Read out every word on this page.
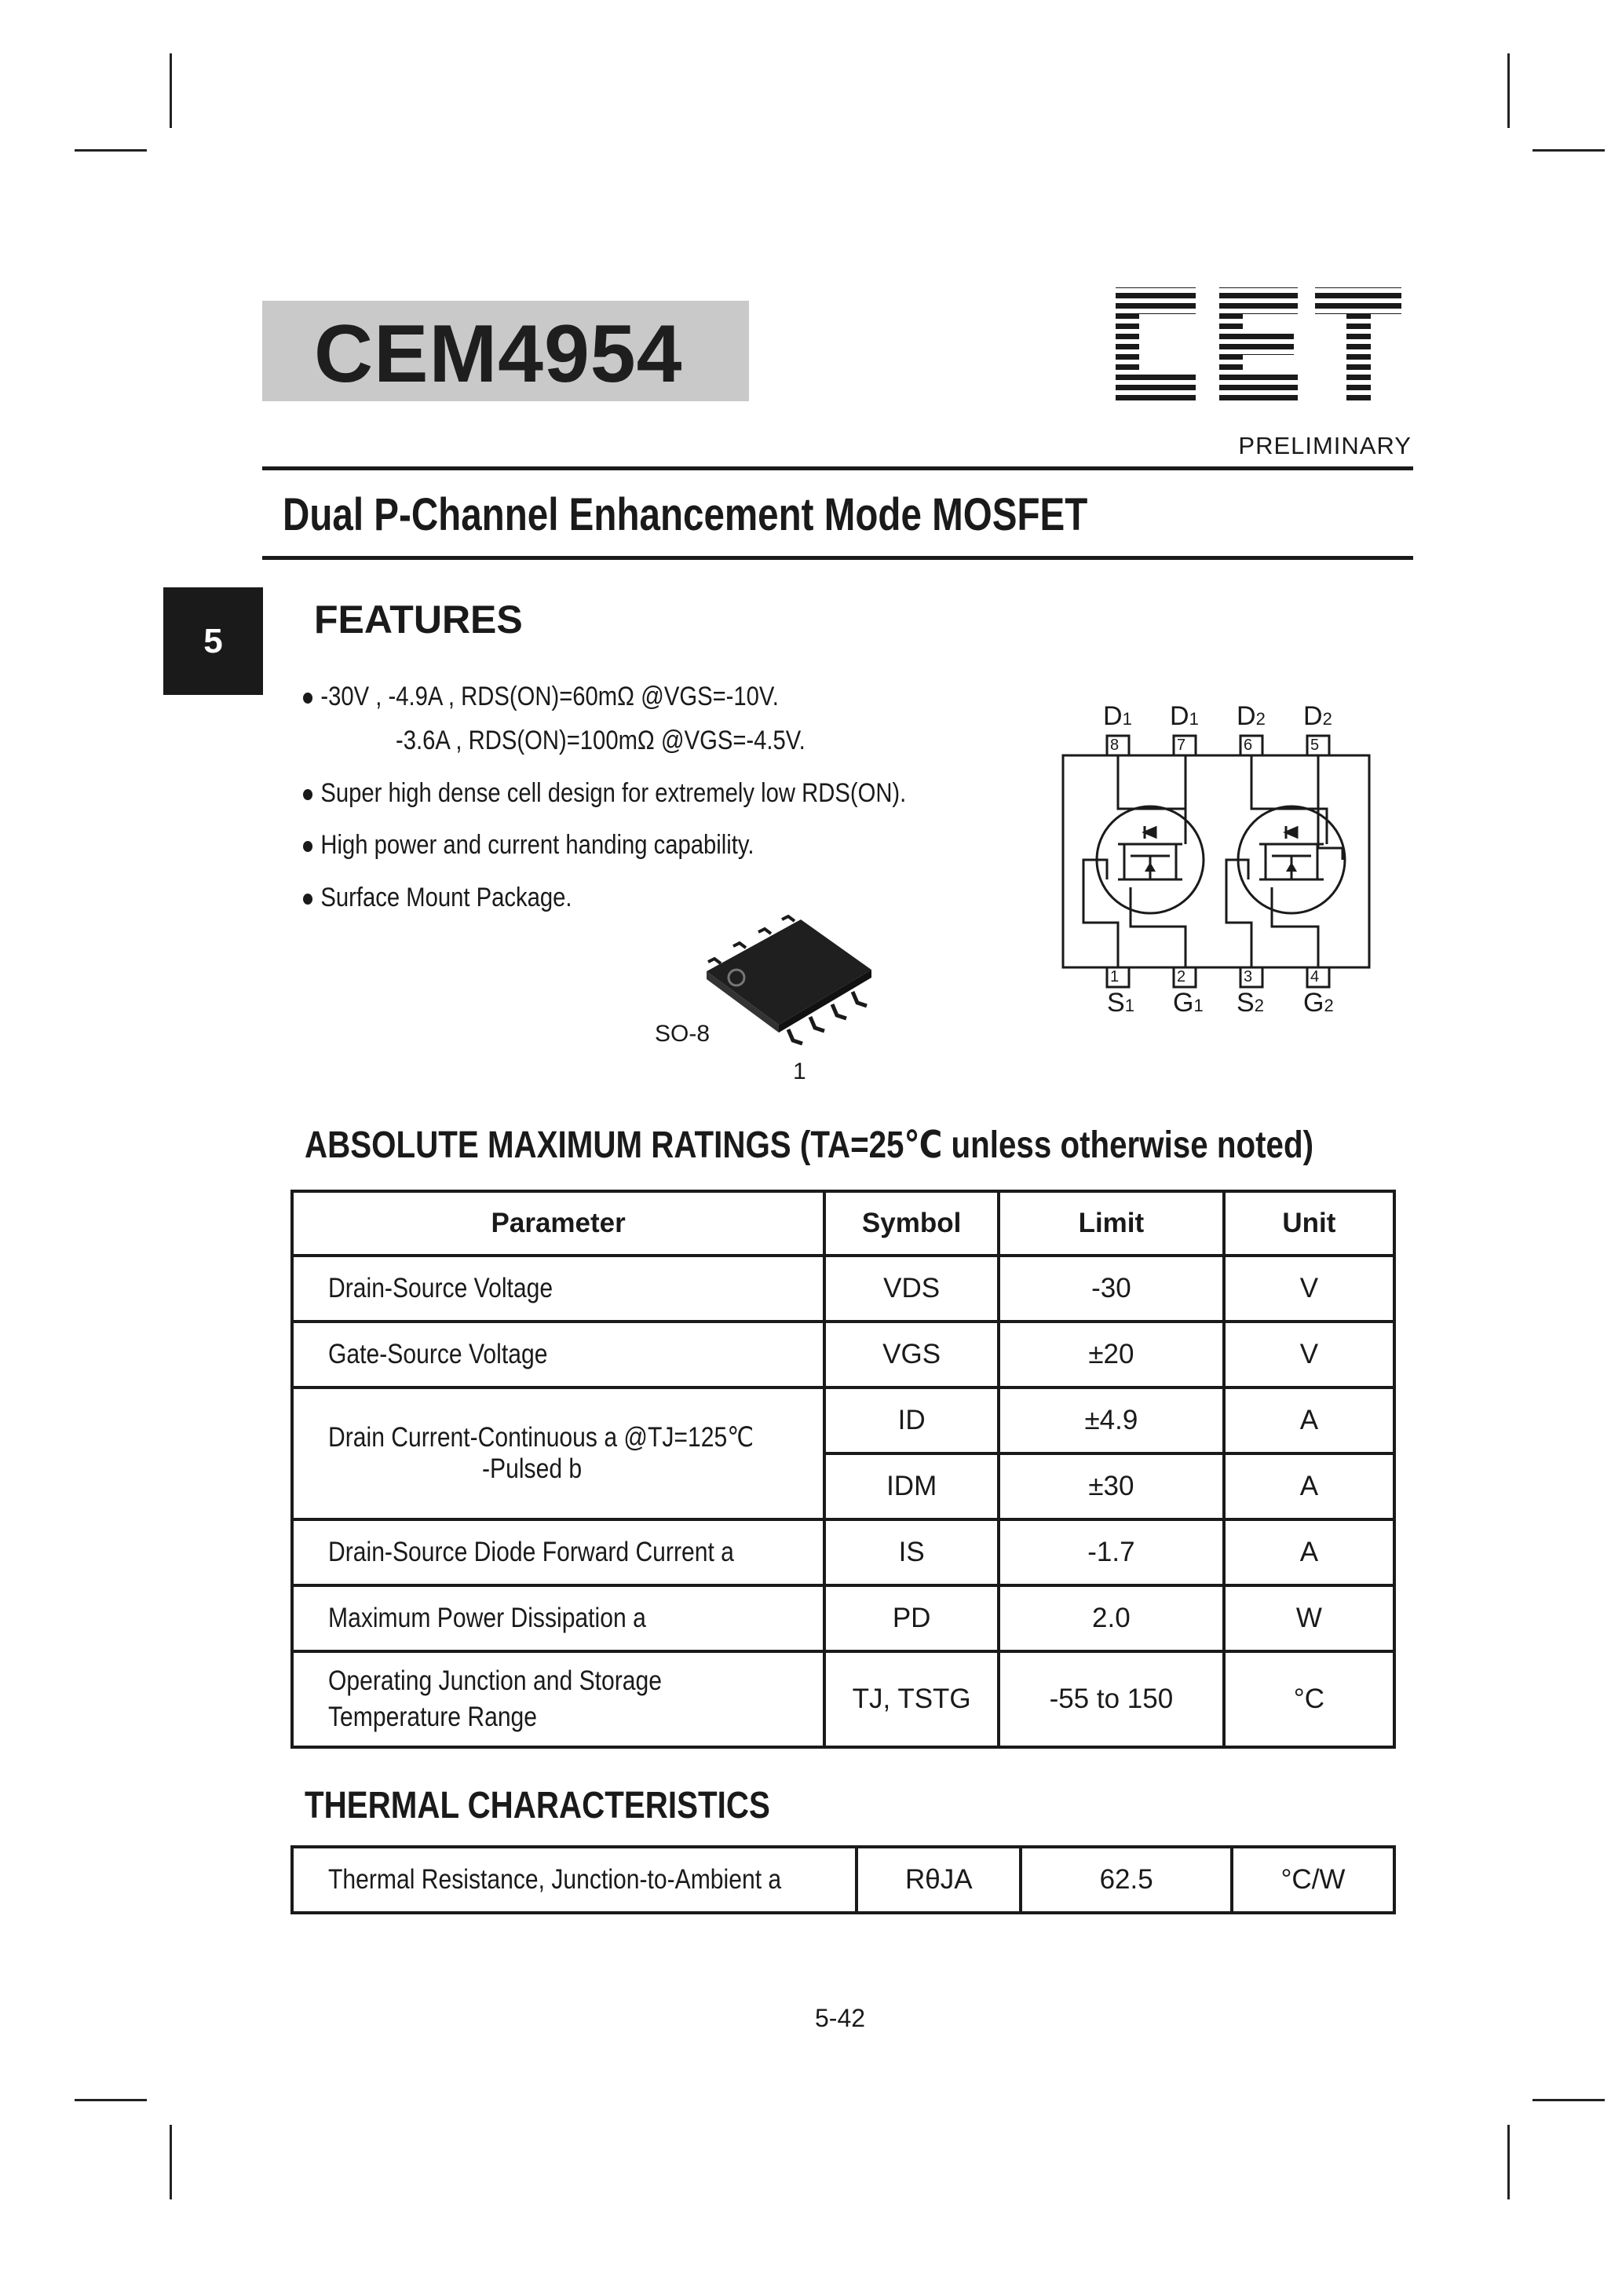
CEM4954
PRELIMINARY
Dual P-Channel Enhancement Mode MOSFET
5	FEATURES
-30V , -4.9A , RDS(ON)=60mΩ @VGS=-10V.
-3.6A , RDS(ON)=100mΩ @VGS=-4.5V.
Super high dense cell design for extremely low RDS(ON).
High power and current handing capability.
Surface Mount Package.
SO-8
1
D1 D1 D2 D2
S1 G1 S2 G2
8	7	6	5
1	2	3	4
ABSOLUTE MAXIMUM RATINGS (TA=25℃ unless otherwise noted)
Parameter	Symbol	Limit	Unit
Drain-Source Voltage	VDS	-30	V
Gate-Source Voltage	VGS	±20	V

Drain Current-Continuous a @TJ=125℃
-Pulsed b	ID	±4.9	A
	IDM	±30	A
Drain-Source Diode Forward Current a	IS	-1.7	A
Maximum Power Dissipation a	PD	2.0	W

Operating Junction and Storage
Temperature Range	TJ, TSTG	-55 to 150	°C
THERMAL CHARACTERISTICS
Thermal Resistance, Junction-to-Ambient a	RθJA	62.5	°C/W
5-42
